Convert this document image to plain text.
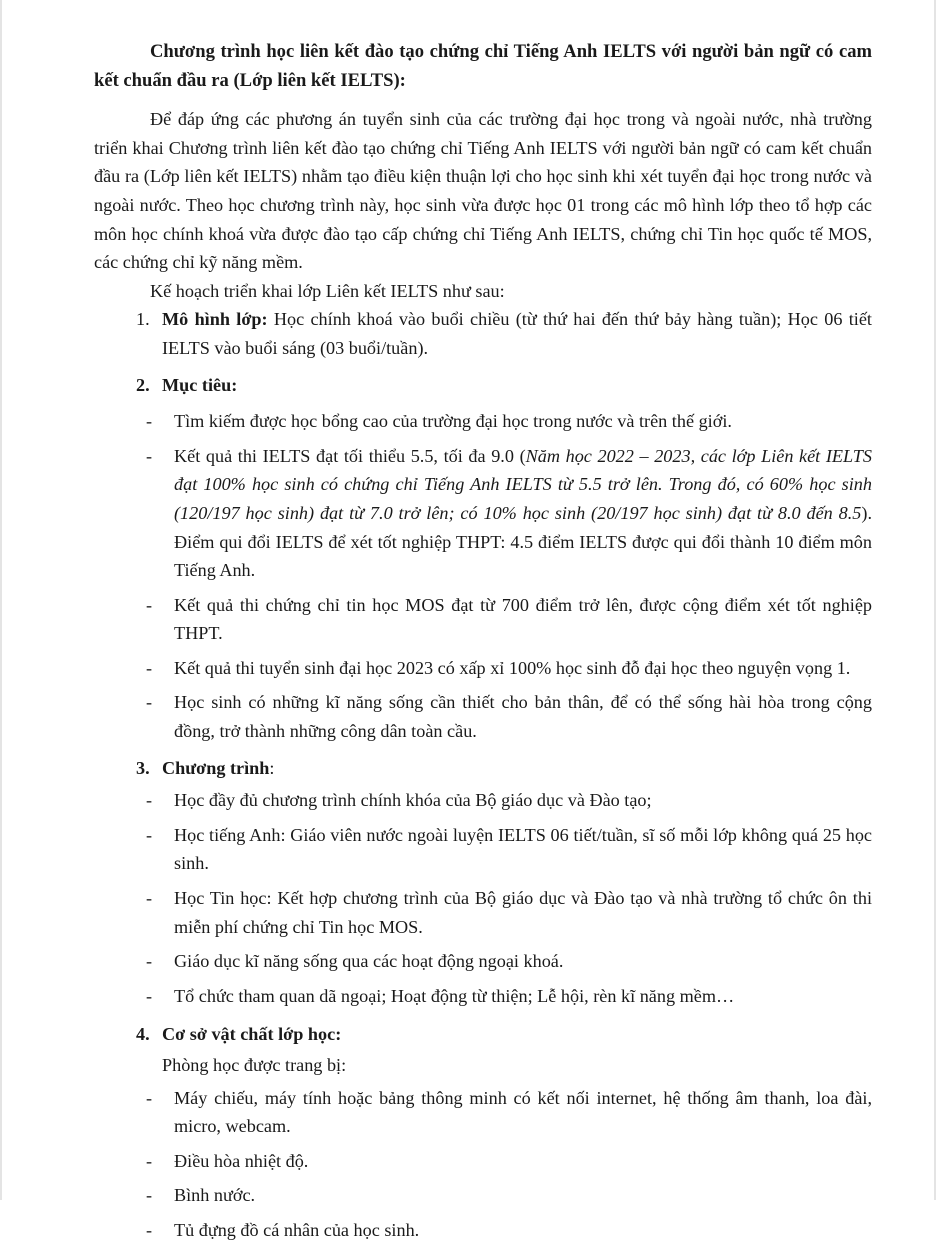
Chương trình học liên kết đào tạo chứng chỉ Tiếng Anh IELTS với người bản ngữ có cam kết chuẩn đầu ra (Lớp liên kết IELTS):

Để đáp ứng các phương án tuyển sinh của các trường đại học trong và ngoài nước, nhà trường triển khai Chương trình liên kết đào tạo chứng chỉ Tiếng Anh IELTS với người bản ngữ có cam kết chuẩn đầu ra (Lớp liên kết IELTS) nhằm tạo điều kiện thuận lợi cho học sinh khi xét tuyển đại học trong nước và ngoài nước. Theo học chương trình này, học sinh vừa được học 01 trong các mô hình lớp theo tổ hợp các môn học chính khoá vừa được đào tạo cấp chứng chỉ Tiếng Anh IELTS, chứng chỉ Tin học quốc tế MOS, các chứng chỉ kỹ năng mềm.

Kế hoạch triển khai lớp Liên kết IELTS như sau:

1. Mô hình lớp: Học chính khoá vào buổi chiều (từ thứ hai đến thứ bảy hàng tuần); Học 06 tiết IELTS vào buổi sáng (03 buổi/tuần).
2. Mục tiêu:
- Tìm kiếm được học bổng cao của trường đại học trong nước và trên thế giới.
- Kết quả thi IELTS đạt tối thiểu 5.5, tối đa 9.0 (Năm học 2022 – 2023, các lớp Liên kết IELTS đạt 100% học sinh có chứng chỉ Tiếng Anh IELTS từ 5.5 trở lên. Trong đó, có 60% học sinh (120/197 học sinh) đạt từ 7.0 trở lên; có 10% học sinh (20/197 học sinh) đạt từ 8.0 đến 8.5). Điểm qui đổi IELTS để xét tốt nghiệp THPT: 4.5 điểm IELTS được qui đổi thành 10 điểm môn Tiếng Anh.
- Kết quả thi chứng chỉ tin học MOS đạt từ 700 điểm trở lên, được cộng điểm xét tốt nghiệp THPT.
- Kết quả thi tuyển sinh đại học 2023 có xấp xỉ 100% học sinh đỗ đại học theo nguyện vọng 1.
- Học sinh có những kĩ năng sống cần thiết cho bản thân, để có thể sống hài hòa trong cộng đồng, trở thành những công dân toàn cầu.
3. Chương trình:
- Học đầy đủ chương trình chính khóa của Bộ giáo dục và Đào tạo;
- Học tiếng Anh: Giáo viên nước ngoài luyện IELTS 06 tiết/tuần, sĩ số mỗi lớp không quá 25 học sinh.
- Học Tin học: Kết hợp chương trình của Bộ giáo dục và Đào tạo và nhà trường tổ chức ôn thi miễn phí chứng chỉ Tin học MOS.
- Giáo dục kĩ năng sống qua các hoạt động ngoại khoá.
- Tổ chức tham quan dã ngoại; Hoạt động từ thiện; Lễ hội, rèn kĩ năng mềm…
4. Cơ sở vật chất lớp học:

Phòng học được trang bị:

- Máy chiếu, máy tính hoặc bảng thông minh có kết nối internet, hệ thống âm thanh, loa đài, micro, webcam.
- Điều hòa nhiệt độ.
- Bình nước.
- Tủ đựng đồ cá nhân của học sinh.
